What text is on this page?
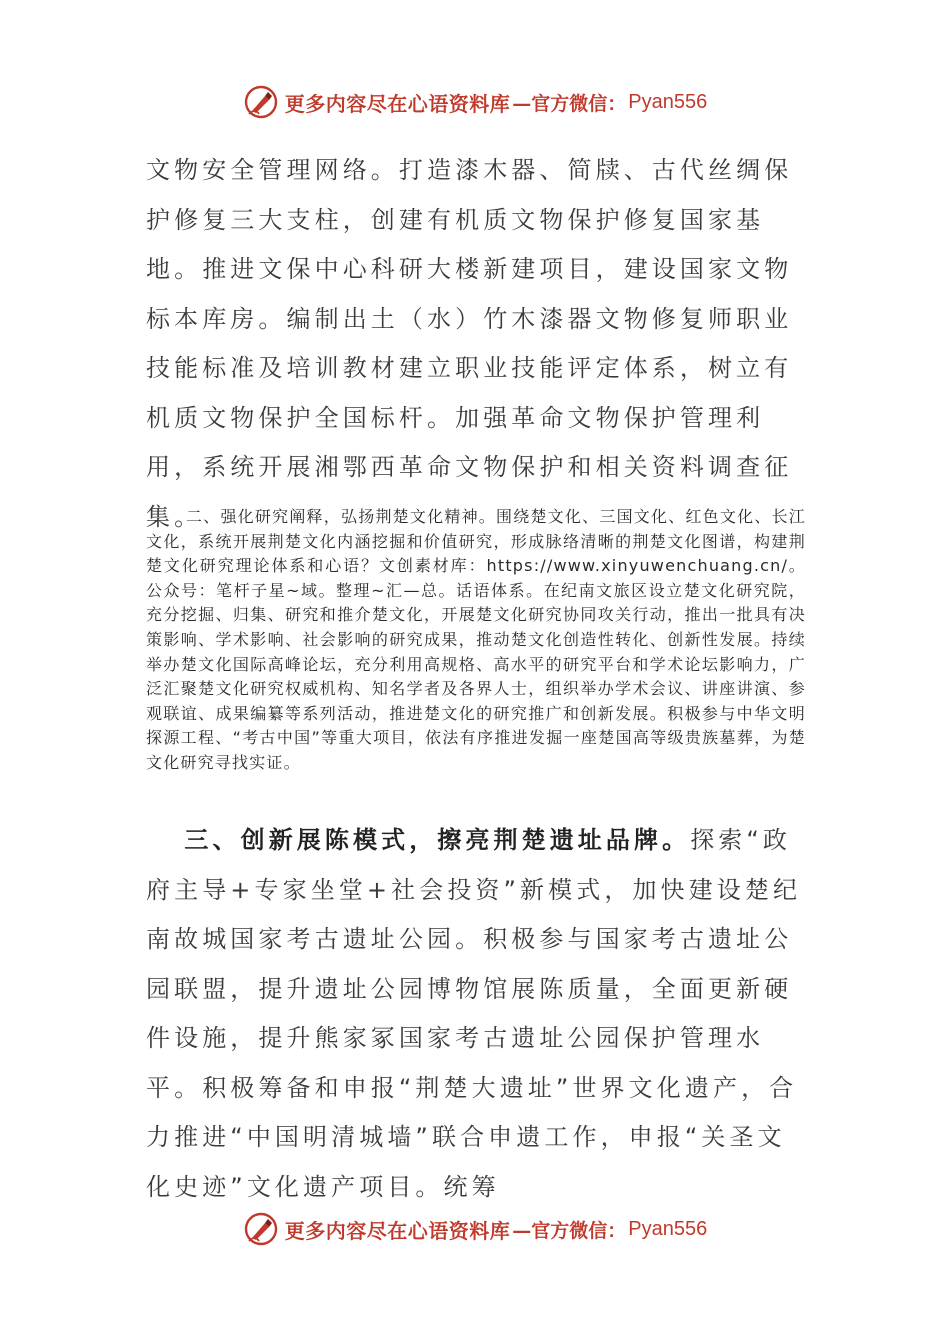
更多内容尽在心语资料库 —官方微信： Pyan556

文物安全管理网络。打造漆木器、简牍、古代丝绸保护修复三大支柱，创建有机质文物保护修复国家基地。推进文保中心科研大楼新建项目，建设国家文物标本库房。编制出土（水）竹木漆器文物修复师职业技能标准及培训教材建立职业技能评定体系，树立有机质文物保护全国标杆。加强革命文物保护管理利用，系统开展湘鄂西革命文物保护和相关资料调查征集。

二、强化研究阐释，弘扬荆楚文化精神。围绕楚文化、三国文化、红色文化、长江文化，系统开展荆楚文化内涵挖掘和价值研究，形成脉络清晰的荆楚文化图谱，构建荆楚文化研究理论体系和心语？文创素材库：https://www.xinyuwenchuang.cn/。公众号：笔杆子星~域。整理~汇—总。话语体系。在纪南文旅区设立楚文化研究院，充分挖掘、归集、研究和推介楚文化，开展楚文化研究协同攻关行动，推出一批具有决策影响、学术影响、社会影响的研究成果，推动楚文化创造性转化、创新性发展。持续举办楚文化国际高峰论坛，充分利用高规格、高水平的研究平台和学术论坛影响力，广泛汇聚楚文化研究权威机构、知名学者及各界人士，组织举办学术会议、讲座讲演、参观联谊、成果编纂等系列活动，推进楚文化的研究推广和创新发展。积极参与中华文明探源工程、“考古中国”等重大项目，依法有序推进发掘一座楚国高等级贵族墓葬，为楚文化研究寻找实证。

三、创新展陈模式，擦亮荆楚遗址品牌。探索“政府主导+专家坐堂+社会投资”新模式，加快建设楚纪南故城国家考古遗址公园。积极参与国家考古遗址公园联盟，提升遗址公园博物馆展陈质量，全面更新硬件设施，提升熊家冢国家考古遗址公园保护管理水平。积极筹备和申报“荆楚大遗址”世界文化遗产，合力推进“中国明清城墙”联合申遗工作，申报“关圣文化史迹”文化遗产项目。统筹

更多内容尽在心语资料库 —官方微信： Pyan556
